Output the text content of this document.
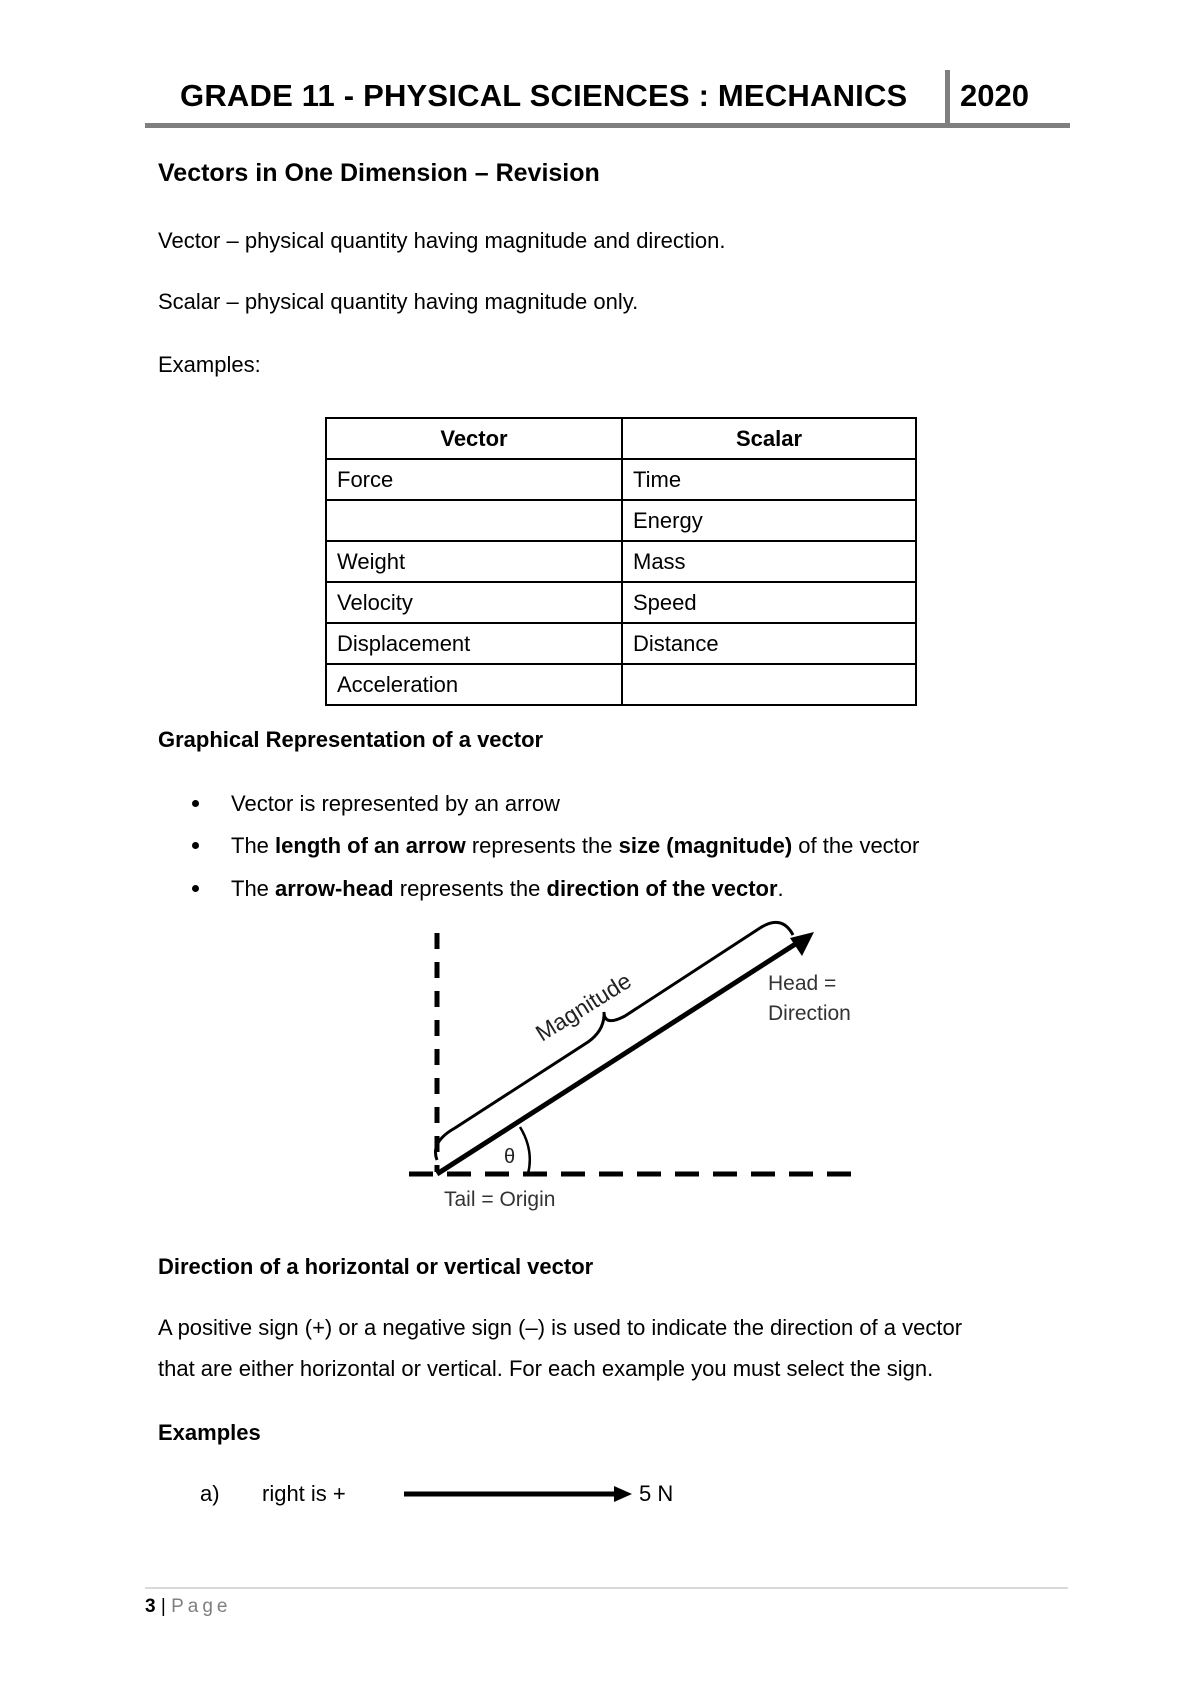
GRADE 11 - PHYSICAL SCIENCES : MECHANICS 2020
Vectors in One Dimension – Revision
Vector – physical quantity having magnitude and direction.
Scalar – physical quantity having magnitude only.
Examples:
Vector	Scalar
Force	Time
	Energy
Weight	Mass
Velocity	Speed
Displacement	Distance
Acceleration	
Graphical Representation of a vector
Vector is represented by an arrow
The length of an arrow represents the size (magnitude) of the vector
The arrow-head represents the direction of the vector.
Magnitude	Head =
Direction
θ
Tail = Origin
Direction of a horizontal or vertical vector
A positive sign (+) or a negative sign (–) is used to indicate the direction of a vector
that are either horizontal or vertical. For each example you must select the sign.
Examples
a) right is +	5 N
3 | Page
